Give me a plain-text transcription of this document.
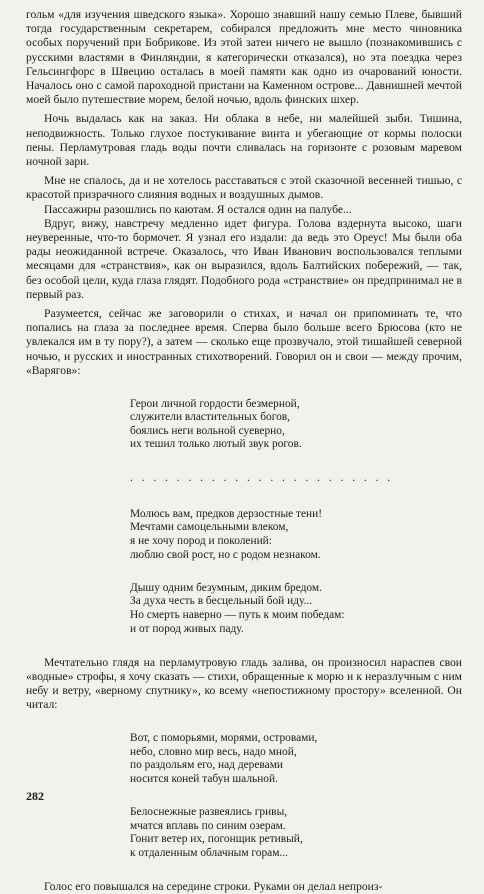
гольм «для изучения шведского языка». Хорошо знавший нашу семью Плеве, бывший тогда государственным секретарем, собирался предложить мне место чиновника особых поручений при Бобрикове. Из этой затеи ничего не вышло (познакомившись с русскими властями в Финляндии, я категорически отказался), но эта поездка через Гельсингфорс в Швецию осталась в моей памяти как одно из очарований юности. Началось оно с самой пароходной пристани на Каменном острове... Давнишней мечтой моей было путешествие морем, белой ночью, вдоль финских шхер.

Ночь выдалась как на заказ. Ни облака в небе, ни малейшей зыби. Тишина, неподвижность. Только глухое постукивание винта и убегающие от кормы полоски пены. Перламутровая гладь воды почти сливалась на горизонте с розовым маревом ночной зари.

Мне не спалось, да и не хотелось расставаться с этой сказочной весенней тишью, с красотой призрачного слияния водных и воздушных дымов.

Пассажиры разошлись по каютам. Я остался один на палубе...

Вдруг, вижу, навстречу медленно идет фигура. Голова вздернута высоко, шаги неуверенные, что-то бормочет. Я узнал его издали: да ведь это Ореус! Мы были оба рады неожиданной встрече. Оказалось, что Иван Иванович воспользовался теплыми месяцами для «странствия», как он выразился, вдоль Балтийских побережий, — так, без особой цели, куда глаза глядят. Подобного рода «странствие» он предпринимал не в первый раз.

Разумеется, сейчас же заговорили о стихах, и начал он припоминать те, что попались на глаза за последнее время. Сперва было больше всего Брюсова (кто не увлекался им в ту пору?), а затем — сколько еще прозвучало, этой тишайшей северной ночью, и русских и иностранных стихотворений. Говорил он и свои — между прочим, «Варягов»:

Герои личной гордости безмерной,
служители властительных богов,
боялись неги вольной суеверно,
их тешил только лютый звук рогов.

. . . . . . . . . . . . . . . . . . . . . . .

Молюсь вам, предков дерзостные тени!
Мечтами самоцельными влеком,
я не хочу пород и поколений:
люблю свой рост, но с родом незнаком.

Дышу одним безумным, диким бредом.
За духа честь в бесцельный бой иду...
Но смерть наверно — путь к моим победам:
и от пород живых паду.

Мечтательно глядя на перламутровую гладь залива, он произносил нараспев свои «водные» строфы, я хочу сказать — стихи, обращенные к морю и к неразлучным с ним небу и ветру, «верному спутнику», ко всему «непостижному простору» вселенной. Он читал:

Вот, с поморьями, морями, островами,
небо, словно мир весь, надо мной,
по раздольям его, над деревами
носится коней табун шальной.

Белоснежные развеялись гривы,
мчатся вплавь по синим озерам.
Гонит ветер их, погонщик ретивый,
к отдаленным облачным горам...

Голос его повышался на середине строки. Руками он делал непроиз-

282
